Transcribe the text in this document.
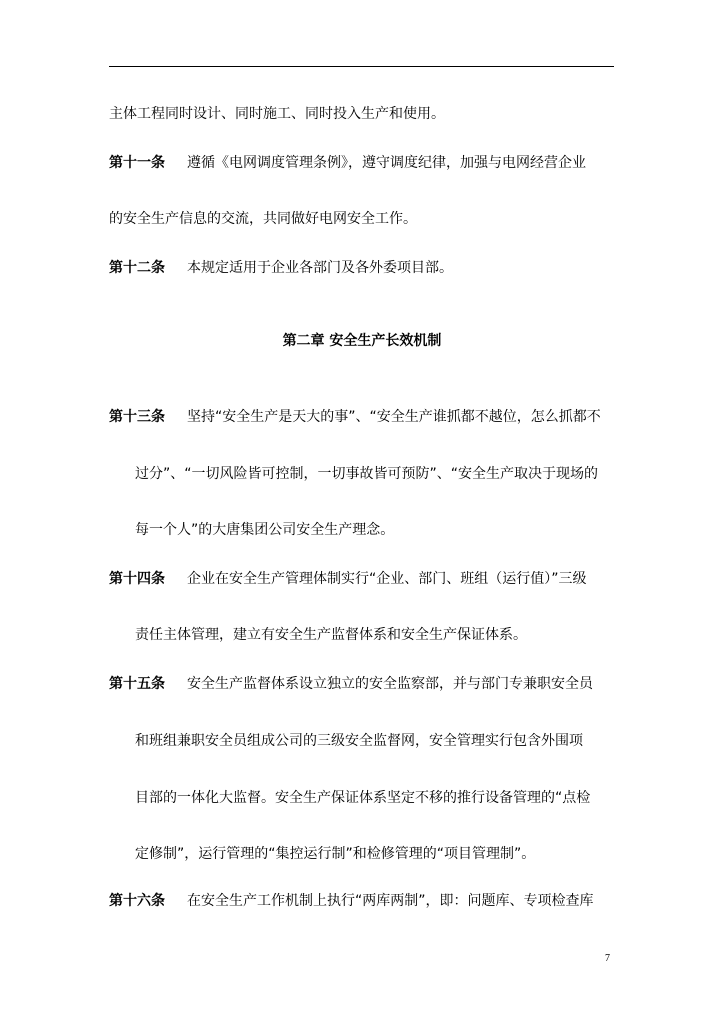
主体工程同时设计、同时施工、同时投入生产和使用。
第十一条 遵循《电网调度管理条例》，遵守调度纪律，加强与电网经营企业
的安全生产信息的交流，共同做好电网安全工作。
第十二条 本规定适用于企业各部门及各外委项目部。
第二章 安全生产长效机制
第十三条 坚持“安全生产是天大的事”、“安全生产谁抓都不越位，怎么抓都不
过分”、“一切风险皆可控制，一切事故皆可预防”、“安全生产取决于现场的
每一个人”的大唐集团公司安全生产理念。
第十四条 企业在安全生产管理体制实行“企业、部门、班组（运行值）”三级
责任主体管理，建立有安全生产监督体系和安全生产保证体系。
第十五条 安全生产监督体系设立独立的安全监察部，并与部门专兼职安全员
和班组兼职安全员组成公司的三级安全监督网，安全管理实行包含外围项
目部的一体化大监督。安全生产保证体系坚定不移的推行设备管理的“点检
定修制”，运行管理的“集控运行制”和检修管理的“项目管理制”。
第十六条 在安全生产工作机制上执行“两库两制”，即：问题库、专项检查库
7
